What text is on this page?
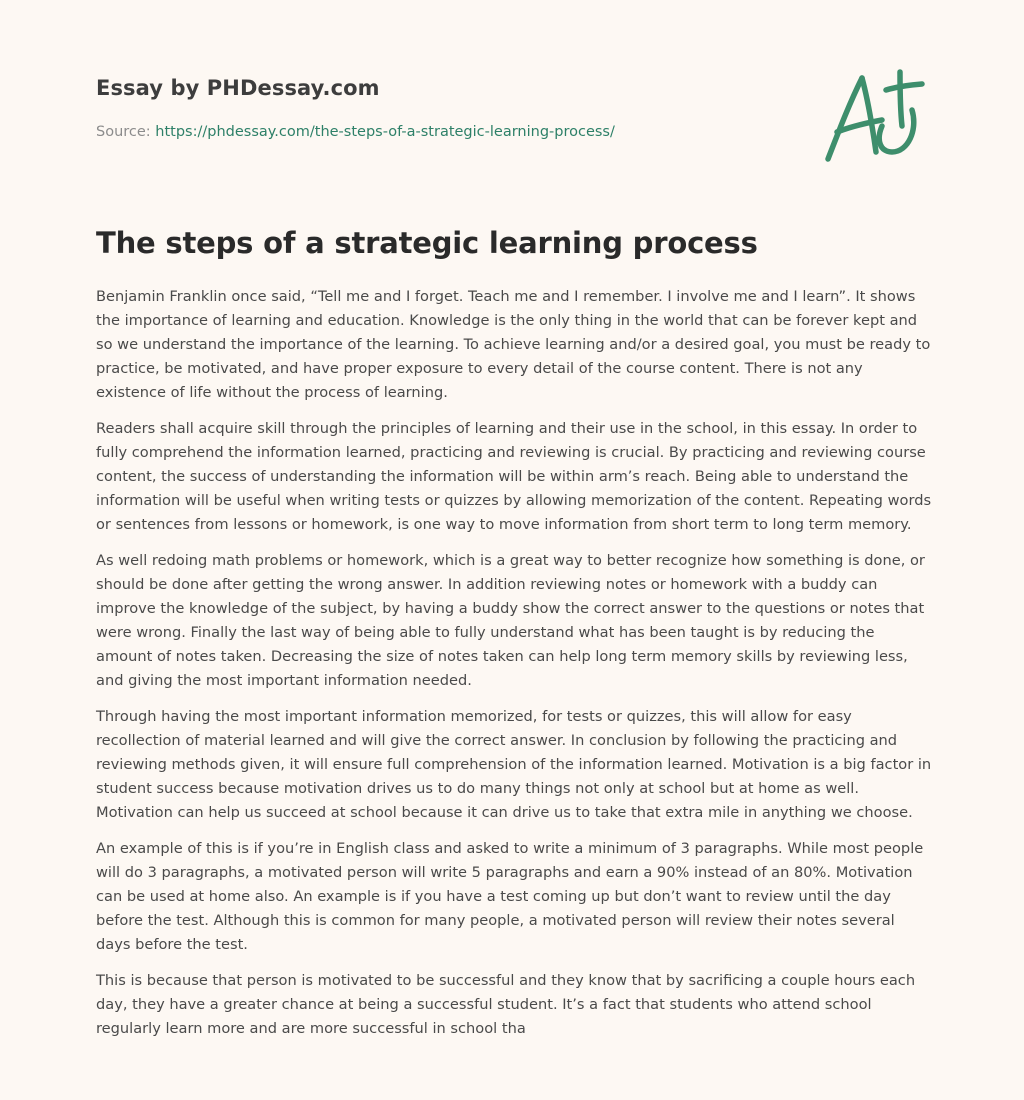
Essay by PHDessay.com
Source: https://phdessay.com/the-steps-of-a-strategic-learning-process/
The steps of a strategic learning process

Benjamin Franklin once said, “Tell me and I forget. Teach me and I remember. I involve me and I learn”. It shows the importance of learning and education. Knowledge is the only thing in the world that can be forever kept and so we understand the importance of the learning. To achieve learning and/or a desired goal, you must be ready to practice, be motivated, and have proper exposure to every detail of the course content. There is not any existence of life without the process of learning.

Readers shall acquire skill through the principles of learning and their use in the school, in this essay. In order to fully comprehend the information learned, practicing and reviewing is crucial. By practicing and reviewing course content, the success of understanding the information will be within arm’s reach. Being able to understand the information will be useful when writing tests or quizzes by allowing memorization of the content. Repeating words or sentences from lessons or homework, is one way to move information from short term to long term memory.

As well redoing math problems or homework, which is a great way to better recognize how something is done, or should be done after getting the wrong answer. In addition reviewing notes or homework with a buddy can improve the knowledge of the subject, by having a buddy show the correct answer to the questions or notes that were wrong. Finally the last way of being able to fully understand what has been taught is by reducing the amount of notes taken. Decreasing the size of notes taken can help long term memory skills by reviewing less, and giving the most important information needed.

Through having the most important information memorized, for tests or quizzes, this will allow for easy recollection of material learned and will give the correct answer. In conclusion by following the practicing and reviewing methods given, it will ensure full comprehension of the information learned. Motivation is a big factor in student success because motivation drives us to do many things not only at school but at home as well. Motivation can help us succeed at school because it can drive us to take that extra mile in anything we choose.

An example of this is if you’re in English class and asked to write a minimum of 3 paragraphs. While most people will do 3 paragraphs, a motivated person will write 5 paragraphs and earn a 90% instead of an 80%. Motivation can be used at home also. An example is if you have a test coming up but don’t want to review until the day before the test. Although this is common for many people, a motivated person will review their notes several days before the test.

This is because that person is motivated to be successful and they know that by sacrificing a couple hours each day, they have a greater chance at being a successful student. It’s a fact that students who attend school regularly learn more and are more successful in school tha
